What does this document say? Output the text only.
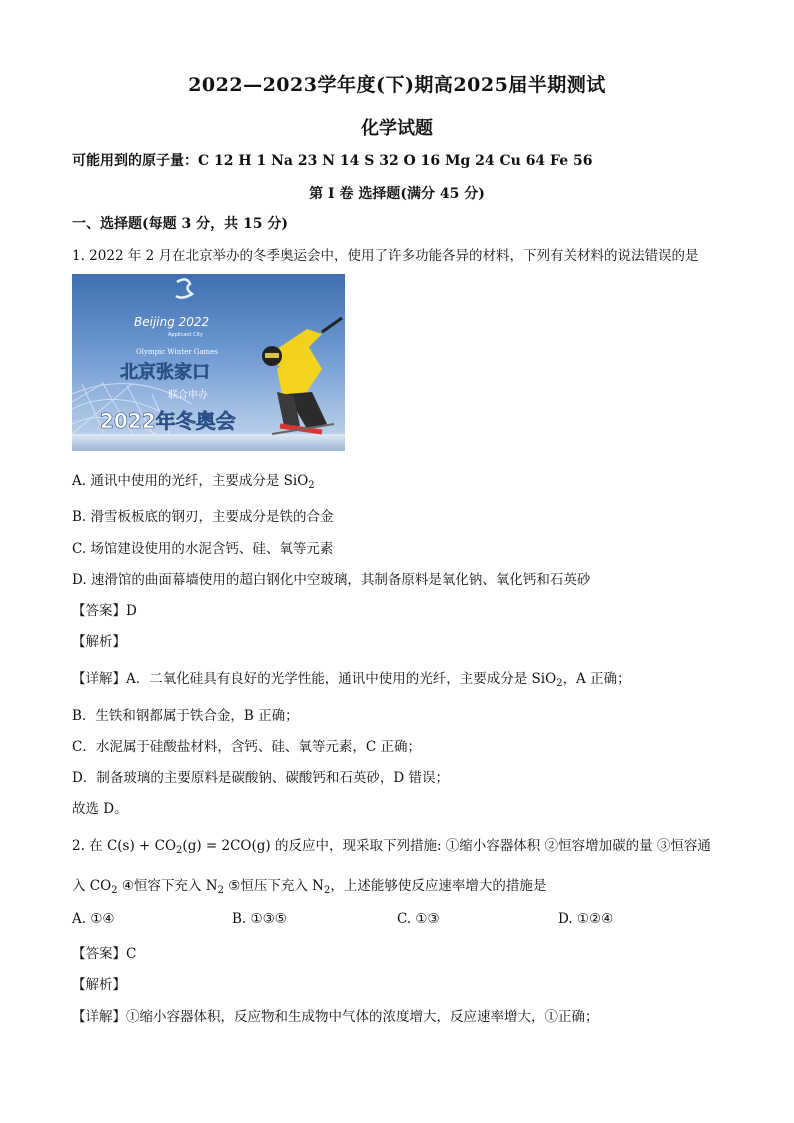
2022—2023学年度(下)期高2025届半期测试
化学试题
可能用到的原子量：C 12 H 1 Na 23 N 14 S 32 O 16 Mg 24 Cu 64 Fe 56
第 I 卷 选择题(满分 45 分)
一、选择题(每题 3 分，共 15 分)
1. 2022 年 2 月在北京举办的冬季奥运会中，使用了许多功能各异的材料，下列有关材料的说法错误的是
Beijing 2022
Applicant City
Olympic Winter Games
北京张家口
联合申办
2022年冬奥会
A. 通讯中使用的光纤，主要成分是 SiO$_2$
B. 滑雪板板底的钢刃，主要成分是铁的合金
C. 场馆建设使用的水泥含钙、硅、氧等元素
D. 速滑馆的曲面幕墙使用的超白钢化中空玻璃，其制备原料是氧化钠、氧化钙和石英砂
【答案】D
【解析】
【详解】A．二氧化硅具有良好的光学性能，通讯中使用的光纤，主要成分是 SiO$_2$，A 正确；
B．生铁和钢都属于铁合金，B 正确；
C．水泥属于硅酸盐材料，含钙、硅、氧等元素，C 正确；
D．制备玻璃的主要原料是碳酸钠、碳酸钙和石英砂，D 错误；
故选 D。
2. 在 $C(s) + CO_2(g) = 2CO(g)$ 的反应中，现采取下列措施: ①缩小容器体积 ②恒容增加碳的量 ③恒容通
入 $CO_2$ ④恒容下充入 $N_2$ ⑤恒压下充入 $N_2$，上述能够使反应速率增大的措施是
A. ①④	B. ①③⑤	C. ①③	D. ①②④
【答案】C
【解析】
【详解】①缩小容器体积，反应物和生成物中气体的浓度增大，反应速率增大，①正确；
